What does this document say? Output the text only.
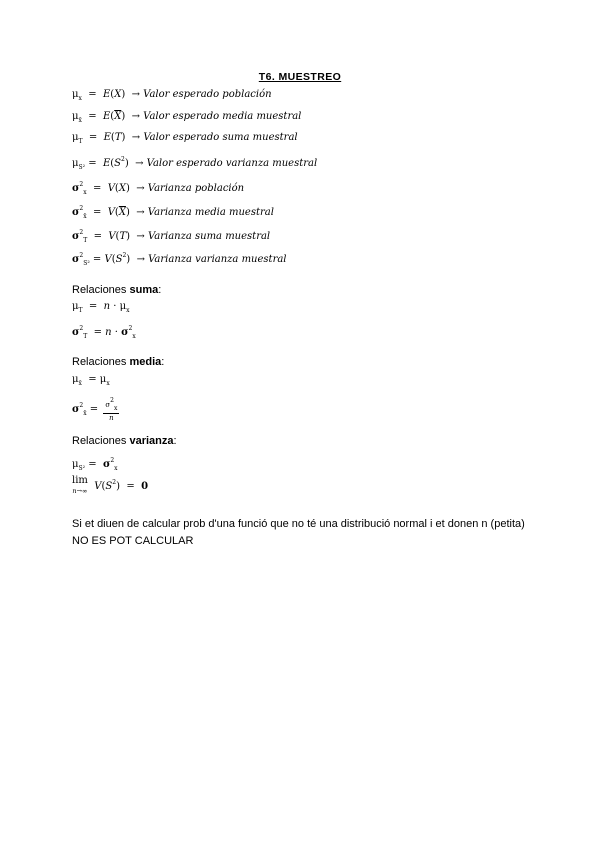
T6. MUESTREO
$\mu_x = E(X)$  → Valor esperado población
$\mu_{x̄} = E(\overline{X})$  → Valor esperado media muestral
$\mu_T = E(T)$  → Valor esperado suma muestral
$\mu_{S^2} = E(S^2)$  → Valor esperado varianza muestral
$\sigma^2_x = V(X)$  → Varianza población
$\sigma^2_{x̄} = V(\overline{X})$  → Varianza media muestral
$\sigma^2_T = V(T)$  → Varianza suma muestral
$\sigma^2_{S^2} = V(S^2)$  → Varianza varianza muestral
Relaciones suma:
$\mu_T = n \cdot \mu_x$
$\sigma^2_T = n \cdot \sigma^2_x$
Relaciones media:
$\mu_{x̄} = \mu_x$
$\sigma^2_{x̄} = \frac{\sigma^2_x}{n}$
Relaciones varianza:
$\mu_{S^2} = \sigma^2_x$
lim
n→∞ $V(S^2) = 0$
Si et diuen de calcular prob d'una funció que no té una distribució normal i et donen n (petita) NO ES POT CALCULAR
